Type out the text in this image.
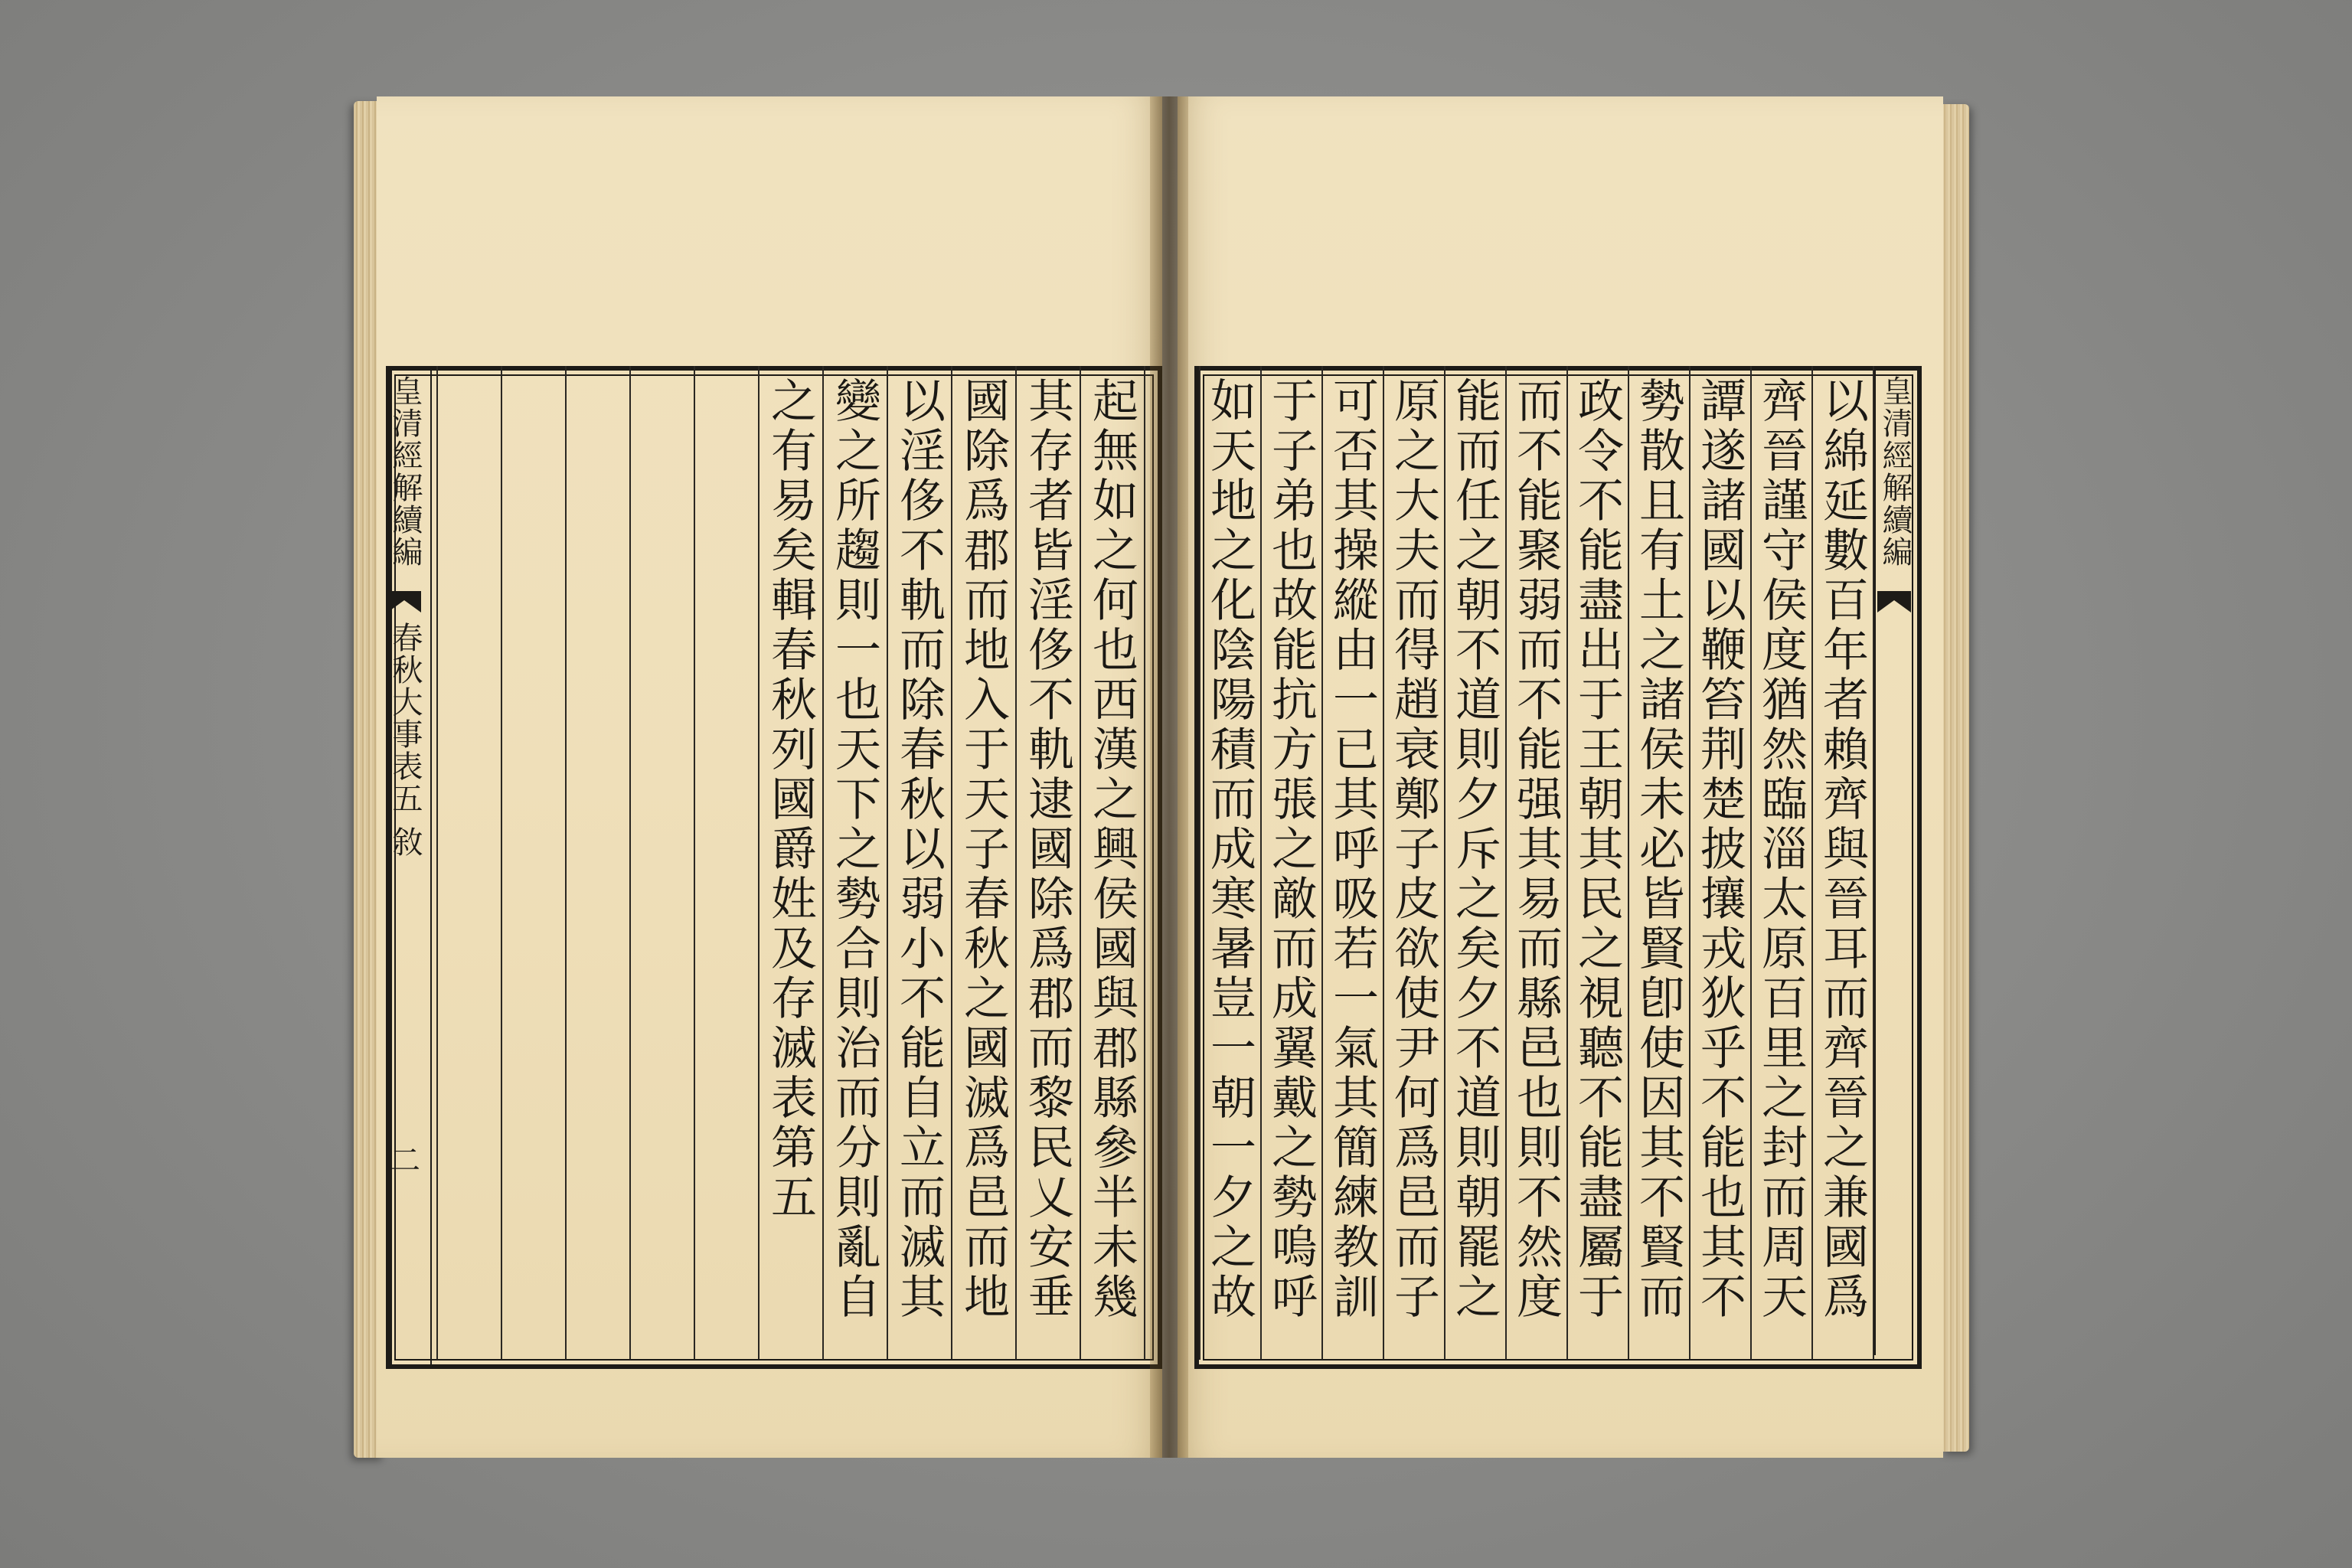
皇清經解續編
春秋大事表五 敘
二
起無如之何也西漢之興侯國與郡縣參半未幾
其存者皆淫侈不軌逮國除爲郡而黎民乂安垂
國除爲郡而地入于天子春秋之國滅爲邑而地
以淫侈不軌而除春秋以弱小不能自立而滅其
變之所趨則一也天下之勢合則治而分則亂自
之有易矣輯春秋列國爵姓及存滅表第五	以綿延數百年者賴齊與晉耳而齊晉之兼國爲
齊晉謹守侯度猶然臨淄太原百里之封而周天
譚遂諸國以鞭笞荆楚披攘戎狄乎不能也其不
勢散且有土之諸侯未必皆賢卽使因其不賢而
政令不能盡出于王朝其民之視聽不能盡屬于
而不能聚弱而不能强其易而縣邑也則不然度
能而任之朝不道則夕斥之矣夕不道則朝罷之
原之大夫而得趙衰鄭子皮欲使尹何爲邑而子
可否其操縱由一已其呼吸若一氣其簡練教訓
于子弟也故能抗方張之敵而成翼戴之勢嗚呼
如天地之化陰陽積而成寒暑豈一朝一夕之故
皇清經解續編
